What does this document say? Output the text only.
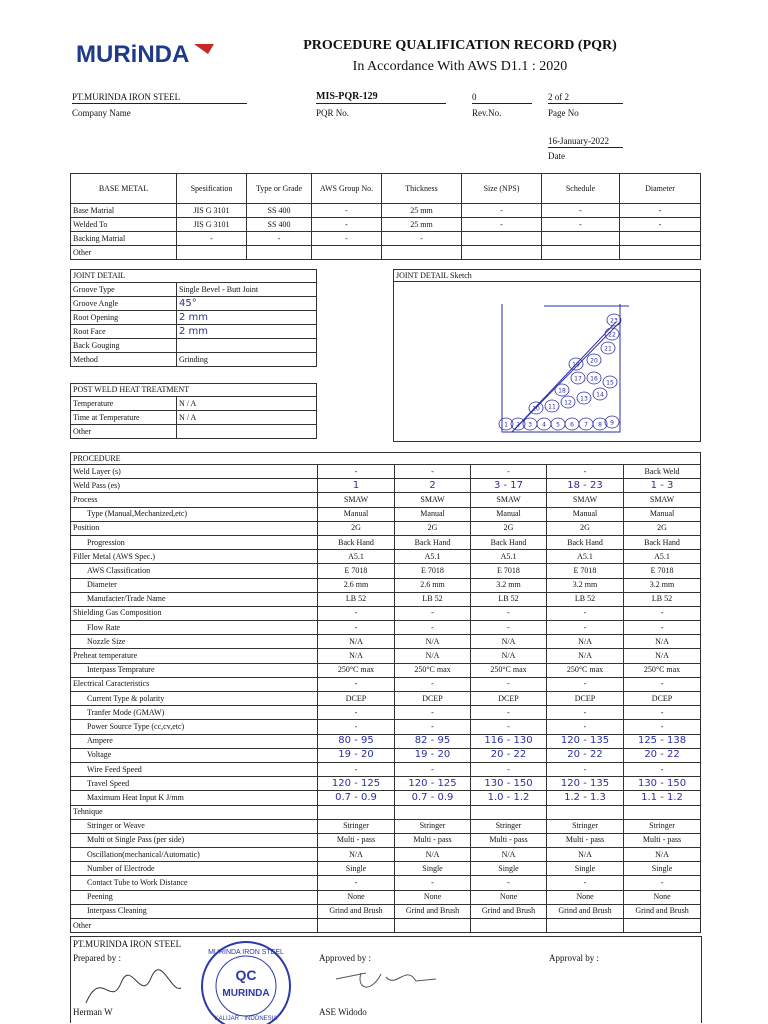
MURiNDA	PROCEDURE QUALIFICATION RECORD (PQR)
In Accordance With AWS D1.1 : 2020
PT.MURINDA IRON STEEL
Company Name
MIS-PQR-129
PQR No.
0
Rev.No.
2 of 2
Page No
16-January-2022
Date
BASE METAL	Spesification	Type or Grade	AWS Group No.	Thickness	Size (NPS)	Schedule	Diameter
Base Matrial	JIS G 3101	SS 400	-	25 mm	-	-	-
Welded To	JIS G 3101	SS 400	-	25 mm	-	-	-
Backing Matrial	-	-	-	-			
Other							
JOINT DETAIL	
Groove Type	Single Bevel - Butt Joint
Groove Angle	45°
Root Opening	2 mm
Root Face	2 mm
Back Gouging	
Method	Grinding
JOINT DETAIL Sketch
1 2 3 4 5 6 7 8 9
10 11
12
13
14
15
16
17
18
19
20
21
22
23
POST WELD HEAT TREATMENT	
Temperature	N / A
Time at Temperature	N / A
Other	
PROCEDURE					
Weld Layer (s)	-	-	-	-	Back Weld
Weld Pass (es)	1	2	3 - 17	18 - 23	1 - 3
Process	SMAW	SMAW	SMAW	SMAW	SMAW
Type (Manual,Mechanized,etc)	Manual	Manual	Manual	Manual	Manual
Position	2G	2G	2G	2G	2G
Progression	Back Hand	Back Hand	Back Hand	Back Hand	Back Hand
Filler Metal (AWS Spec.)	A5.1	A5.1	A5.1	A5.1	A5.1
AWS Classification	E 7018	E 7018	E 7018	E 7018	E 7018
Diameter	2.6 mm	2.6 mm	3.2 mm	3.2 mm	3.2 mm
Manufacter/Trade Name	LB 52	LB 52	LB 52	LB 52	LB 52
Shielding Gas Composition	-	-	-	-	-
Flow Rate	-	-	-	-	-
Nozzle Size	N/A	N/A	N/A	N/A	N/A
Preheat temperature	N/A	N/A	N/A	N/A	N/A
Interpass Temprature	250°C max	250°C max	250°C max	250°C max	250°C max
Electrical Caracteristics	-	-	-	-	-
Current Type & polarity	DCEP	DCEP	DCEP	DCEP	DCEP
Tranfer Mode (GMAW)	-	-	-	-	-
Power Source Type (cc,cv,etc)	-	-	-	-	-
Ampere	80 - 95	82 - 95	116 - 130	120 - 135	125 - 138
Voltage	19 - 20	19 - 20	20 - 22	20 - 22	20 - 22
Wire Feed Speed	-	-	-	-	-
Travel Speed	120 - 125	120 - 125	130 - 150	120 - 135	130 - 150
Maximum Heat Input K J/mm	0.7 - 0.9	0.7 - 0.9	1.0 - 1.2	1.2 - 1.3	1.1 - 1.2
Tehnique					
Stringer or Weave	Stringer	Stringer	Stringer	Stringer	Stringer
Multi ot Single Pass (per side)	Multi - pass	Multi - pass	Multi - pass	Multi - pass	Multi - pass
Oscillation(mechanical/Automatic)	N/A	N/A	N/A	N/A	N/A
Number of Electrode	Single	Single	Single	Single	Single
Contact Tube to Work Distance	-	-	-	-	-
Peening	None	None	None	None	None
Interpass Cleaning	Grind and Brush	Grind and Brush	Grind and Brush	Grind and Brush	Grind and Brush
Other					
PT.MURINDA IRON STEEL
Prepared by :
Herman W
Approved by :
ASE Widodo
Approval by :
MURINDA IRON STEEL
QC
MURINDA
KALIJAR · INDONESIA
